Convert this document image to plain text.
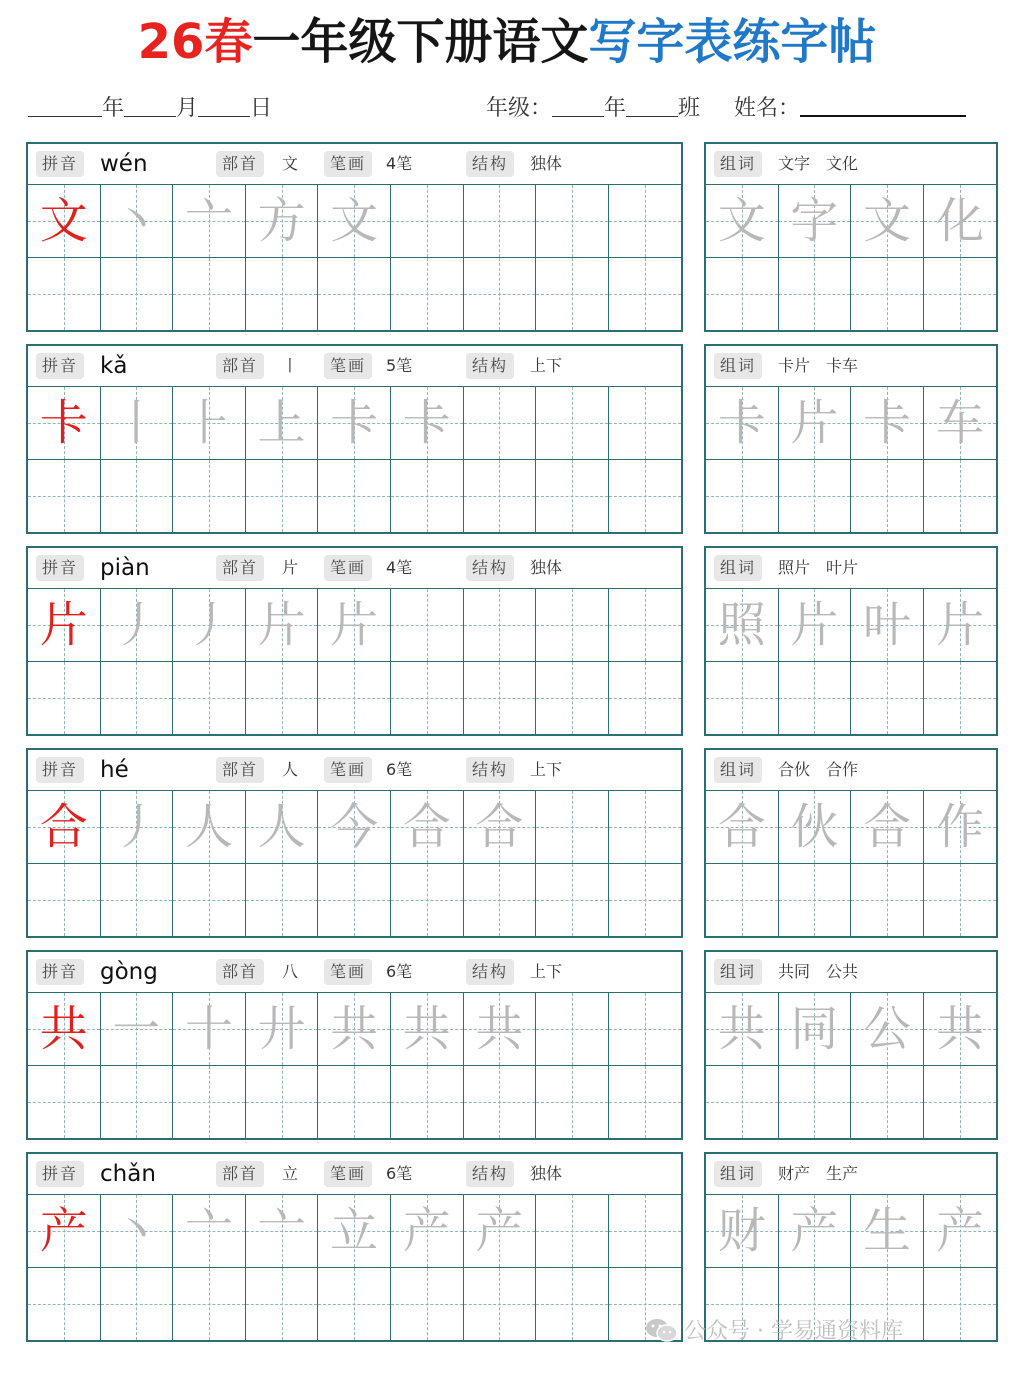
26春一年级下册语文写字表练字帖
年 月 日	年级： 年 班 姓名：
拼音 wén	部首	文	笔画	4笔	结构	独体
文 丶 亠 方 文
组词	文字　文化
文 字 文 化
拼音 kǎ	部首	丨	笔画	5笔	结构	上下
卡 丨 ⺊ 上 卡 卡
组词	卡片　卡车
卡 片 卡 车
拼音 piàn	部首	片	笔画	4笔	结构	独体
片 丿 丿 片 片
组词	照片　叶片
照 片 叶 片
拼音 hé	部首	人	笔画	6笔	结构	上下
合 丿 人 人 今 合 合
组词	合伙　合作
合 伙 合 作
拼音 gòng	部首	八	笔画	6笔	结构	上下
共 一 十 廾 共 共 共
组词	共同　公共
共 同 公 共
拼音 chǎn	部首	立	笔画	6笔	结构	独体
产 丶 亠 亠 立 产 产
组词	财产　生产
财 产 生 产
公众号 · 学易通资料库
